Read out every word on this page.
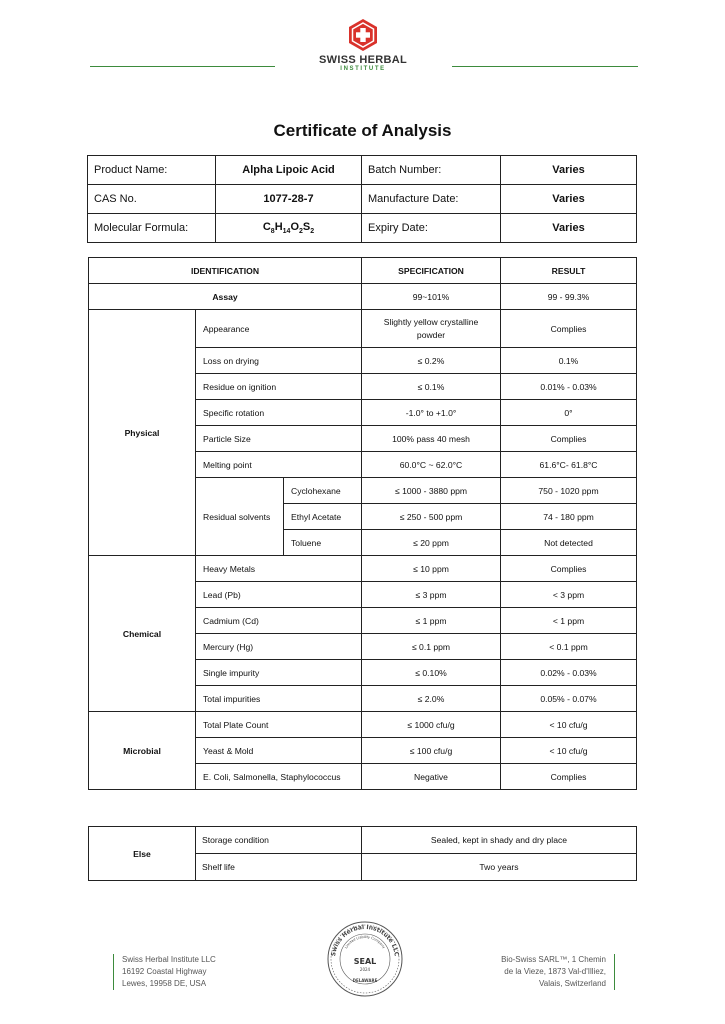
SWISS HERBAL
INSTITUTE
Certificate of Analysis
Product Name:	Alpha Lipoic Acid	Batch Number:	Varies
CAS No.	1077-28-7	Manufacture Date:	Varies
Molecular Formula:	$C_8H_{14}O_2S_2$	Expiry Date:	Varies
IDENTIFICATION			SPECIFICATION	RESULT
Assay			99~101%	99 - 99.3%
Physical	Appearance		Slightly yellow crystalline powder	Complies
	Loss on drying		≤ 0.2%	0.1%
	Residue on ignition		≤ 0.1%	0.01% - 0.03%
	Specific rotation		-1.0° to +1.0°	0°
	Particle Size		100% pass 40 mesh	Complies
	Melting point		60.0°C ~ 62.0°C	61.6°C- 61.8°C
	Residual solvents	Cyclohexane	≤ 1000 - 3880 ppm	750 - 1020 ppm
		Ethyl Acetate	≤ 250 - 500 ppm	74 - 180 ppm
		Toluene	≤ 20 ppm	Not detected
Chemical	Heavy Metals		≤ 10 ppm	Complies
	Lead (Pb)		≤ 3 ppm	< 3 ppm
	Cadmium (Cd)		≤ 1 ppm	< 1 ppm
	Mercury (Hg)		≤ 0.1 ppm	< 0.1 ppm
	Single impurity		≤ 0.10%	0.02% - 0.03%
	Total impurities		≤ 2.0%	0.05% - 0.07%
Microbial	Total Plate Count		≤ 1000 cfu/g	< 10 cfu/g
	Yeast & Mold		≤ 100 cfu/g	< 10 cfu/g
	E. Coli, Salmonella, Staphylococcus		Negative	Complies
Else	Storage condition	Sealed, kept in shady and dry place
	Shelf life	Two years
Swiss Herbal Institute LLC
16192 Coastal Highway
Lewes, 19958 DE, USA
Bio-Swiss SARL™, 1 Chemin
de la Vieze, 1873 Val-d'Illiez,
Valais, Switzerland
Swiss Herbal Institute LLC
Limited Liability Company
SEAL
2024
DELAWARE
